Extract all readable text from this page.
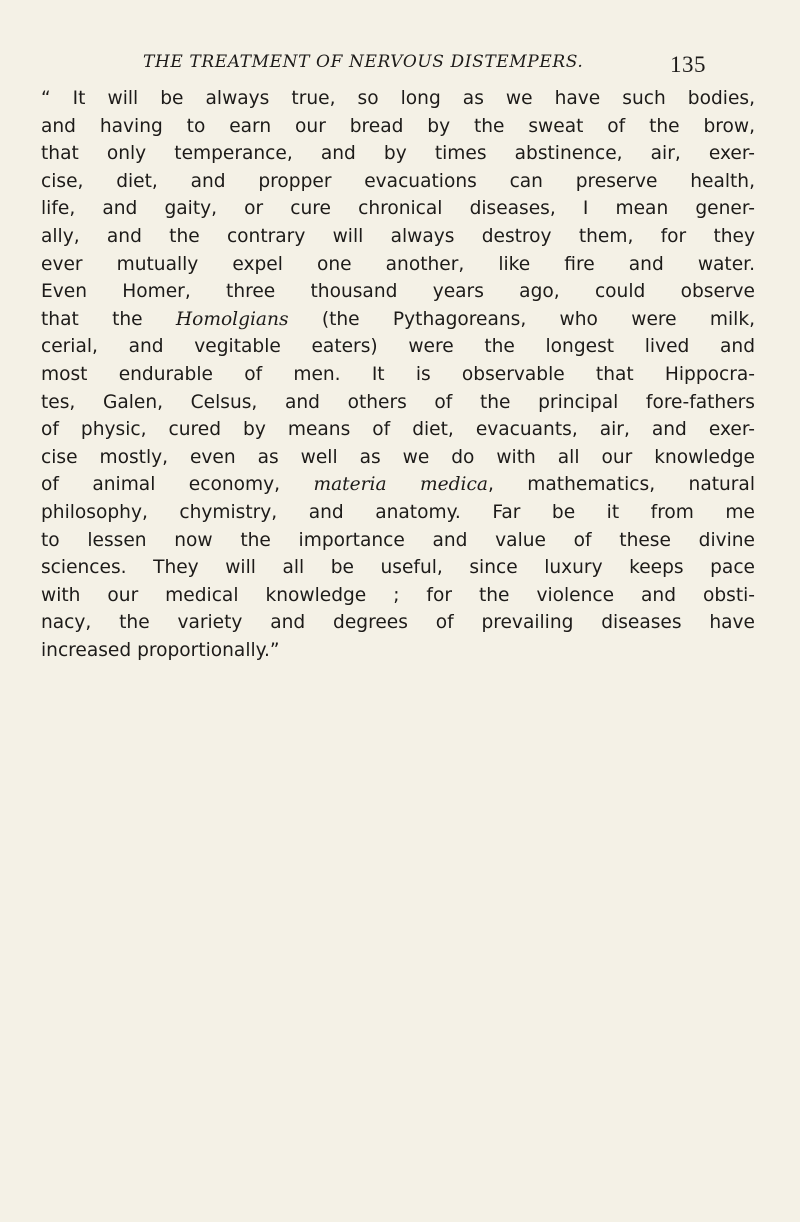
THE TREATMENT OF NERVOUS DISTEMPERS.	135
“ It will be always true, so long as we have such bodies,
and having to earn our bread by the sweat of the brow,
that only temperance, and by times abstinence, air, exer-
cise, diet, and propper evacuations can preserve health,
life, and gaity, or cure chronical diseases, I mean gener-
ally, and the contrary will always destroy them, for they
ever mutually expel one another, like fire and water.
Even Homer, three thousand years ago, could observe
that the Homolgians (the Pythagoreans, who were milk,
cerial, and vegitable eaters) were the longest lived and
most endurable of men. It is observable that Hippocra-
tes, Galen, Celsus, and others of the principal fore-fathers
of physic, cured by means of diet, evacuants, air, and exer-
cise mostly, even as well as we do with all our knowledge
of animal economy, materia medica, mathematics, natural
philosophy, chymistry, and anatomy. Far be it from me
to lessen now the importance and value of these divine
sciences. They will all be useful, since luxury keeps pace
with our medical knowledge ; for the violence and obsti-
nacy, the variety and degrees of prevailing diseases have
increased proportionally.”
